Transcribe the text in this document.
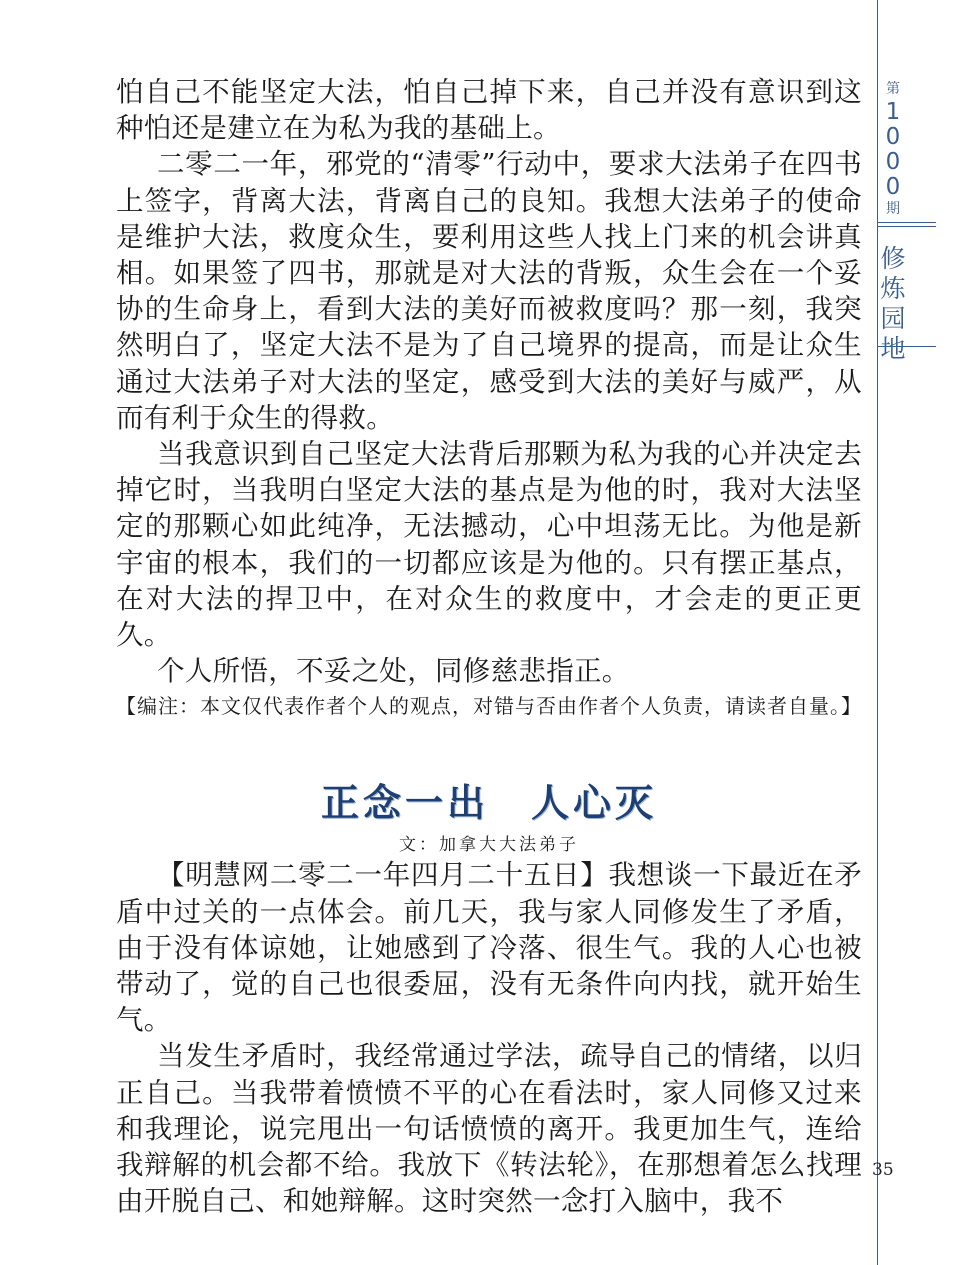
第
1
0
0
0
期
修
炼
园
地
35

怕自己不能坚定大法，怕自己掉下来，自己并没有意识到这种怕还是建立在为私为我的基础上。

二零二一年，邪党的“清零”行动中，要求大法弟子在四书上签字，背离大法，背离自己的良知。我想大法弟子的使命是维护大法，救度众生，要利用这些人找上门来的机会讲真相。如果签了四书，那就是对大法的背叛，众生会在一个妥协的生命身上，看到大法的美好而被救度吗？那一刻，我突然明白了，坚定大法不是为了自己境界的提高，而是让众生通过大法弟子对大法的坚定，感受到大法的美好与威严，从而有利于众生的得救。

当我意识到自己坚定大法背后那颗为私为我的心并决定去掉它时，当我明白坚定大法的基点是为他的时，我对大法坚定的那颗心如此纯净，无法撼动，心中坦荡无比。为他是新宇宙的根本，我们的一切都应该是为他的。只有摆正基点，在对大法的捍卫中，在对众生的救度中，才会走的更正更久。

个人所悟，不妥之处，同修慈悲指正。

【编注：本文仅代表作者个人的观点，对错与否由作者个人负责，请读者自量。】

正念一出　人心灭

文：加拿大大法弟子

【明慧网二零二一年四月二十五日】我想谈一下最近在矛盾中过关的一点体会。前几天，我与家人同修发生了矛盾，由于没有体谅她，让她感到了冷落、很生气。我的人心也被带动了，觉的自己也很委屈，没有无条件向内找，就开始生气。

当发生矛盾时，我经常通过学法，疏导自己的情绪，以归正自己。当我带着愤愤不平的心在看法时，家人同修又过来和我理论，说完甩出一句话愤愤的离开。我更加生气，连给我辩解的机会都不给。我放下《转法轮》，在那想着怎么找理由开脱自己、和她辩解。这时突然一念打入脑中，我不
